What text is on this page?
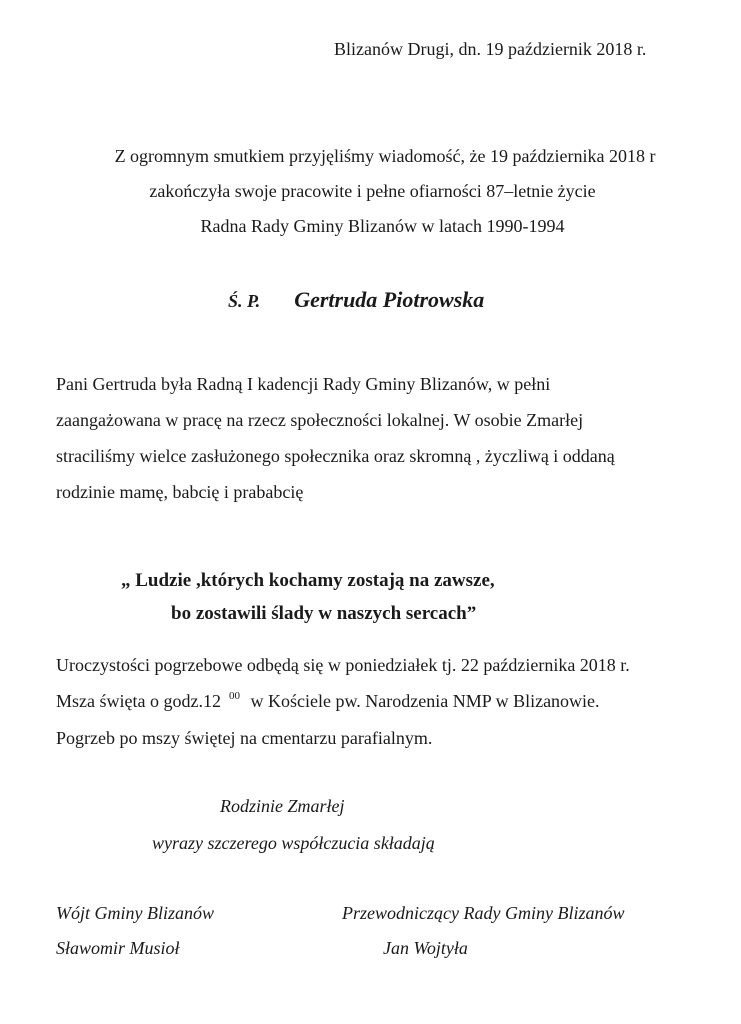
Blizanów Drugi, dn. 19 październik 2018 r.

Z ogromnym smutkiem przyjęliśmy wiadomość, że 19 października 2018 r

zakończyła swoje pracowite i pełne ofiarności 87–letnie życie

Radna Rady Gminy Blizanów w latach 1990-1994

Ś. P. Gertruda Piotrowska

Pani Gertruda była Radną I kadencji Rady Gminy Blizanów, w pełni

zaangażowana w pracę na rzecz społeczności lokalnej. W osobie Zmarłej

straciliśmy wielce zasłużonego społecznika oraz skromną , życzliwą i oddaną

rodzinie mamę, babcię i prababcię

„ Ludzie ,których kochamy zostają na zawsze,

bo zostawili ślady w naszych sercach”

Uroczystości pogrzebowe odbędą się w poniedziałek tj. 22 października 2018 r.

Msza święta o godz.12 $^{00}$ w Kościele pw. Narodzenia NMP w Blizanowie.

Pogrzeb po mszy świętej na cmentarzu parafialnym.

Rodzinie Zmarłej

wyrazy szczerego współczucia składają

Wójt Gminy Blizanów

Sławomir Musioł

Przewodniczący Rady Gminy Blizanów

Jan Wojtyła
